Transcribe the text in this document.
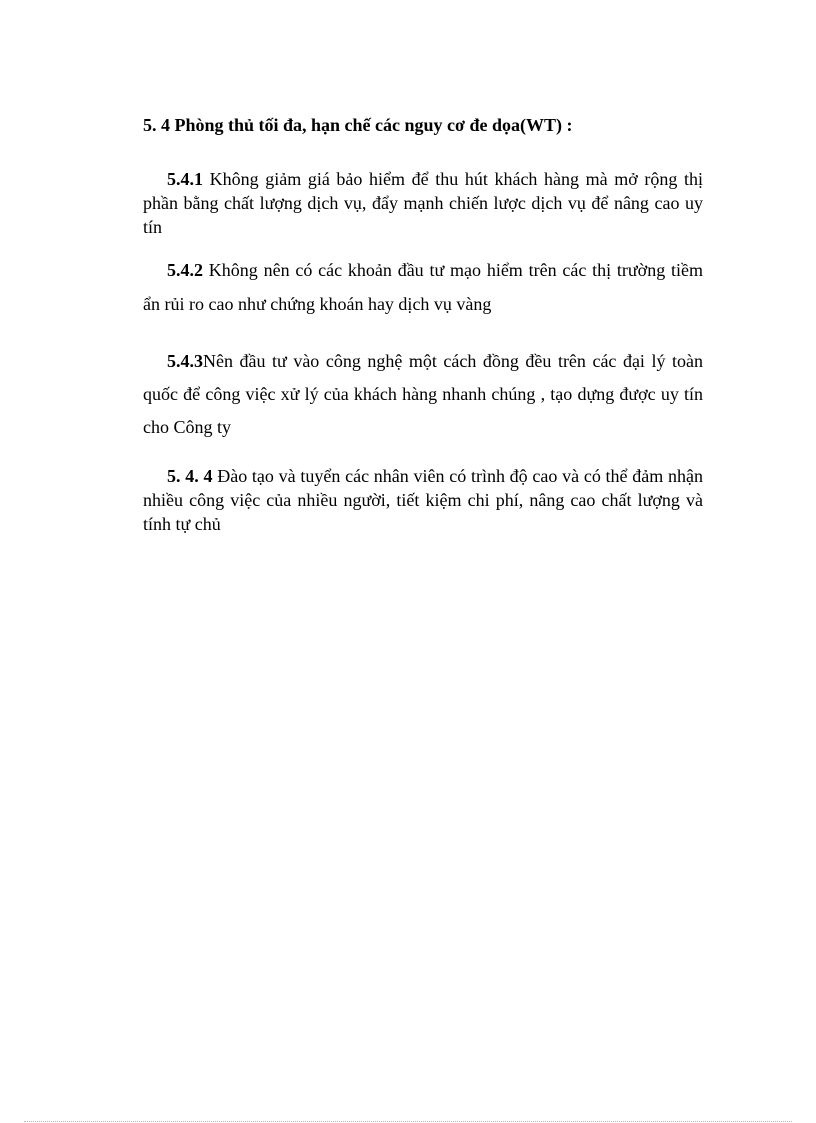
5. 4 Phòng thủ tối đa, hạn chế các nguy cơ đe dọa(WT) :

5.4.1 Không giảm giá bảo hiểm để thu hút khách hàng mà mở rộng thị phần bằng chất lượng dịch vụ, đẩy mạnh chiến lược dịch vụ để nâng cao uy tín

5.4.2 Không nên có các khoản đầu tư mạo hiểm trên các thị trường tiềm ẩn rủi ro cao như chứng khoán hay dịch vụ vàng

5.4.3Nên đầu tư vào công nghệ một cách đồng đều trên các đại lý toàn quốc để công việc xử lý của khách hàng nhanh chúng , tạo dựng được uy tín cho Công ty

5. 4. 4 Đào tạo và tuyển các nhân viên có trình độ cao và có thể đảm nhận nhiều công việc của nhiều người, tiết kiệm chi phí, nâng cao chất lượng và tính tự chủ
